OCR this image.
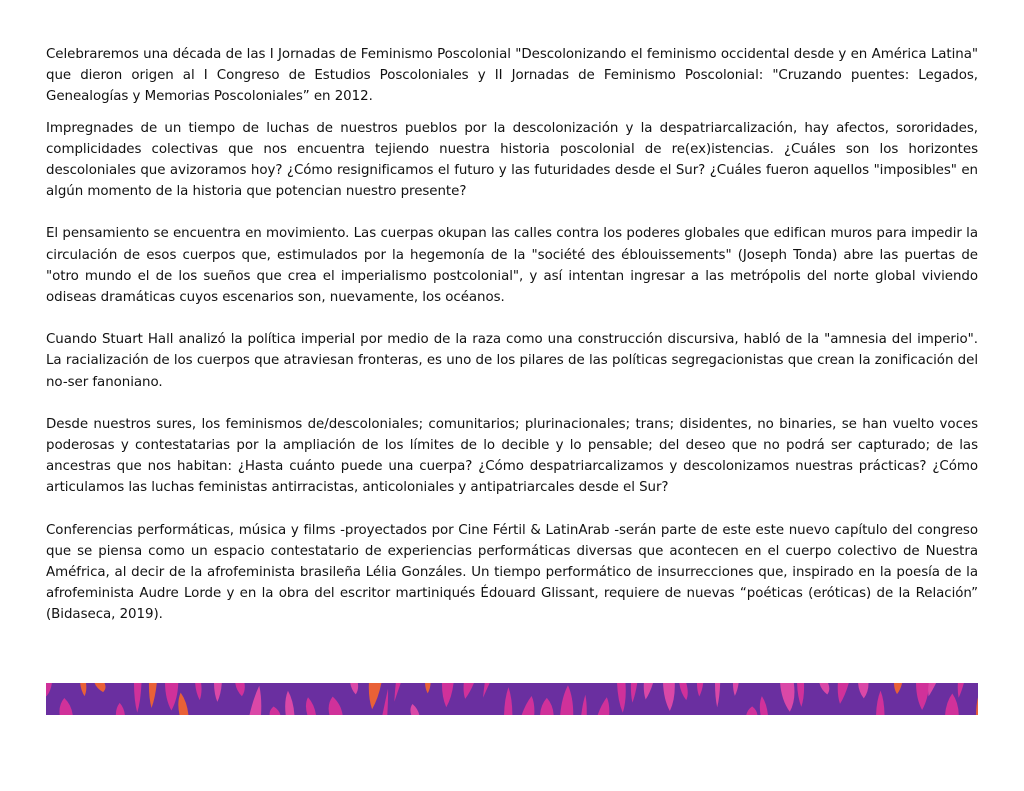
Celebraremos una década de las I Jornadas de Feminismo Poscolonial "Descolonizando el feminismo occidental desde y en América Latina" que dieron origen al I Congreso de Estudios Poscoloniales y II Jornadas de Feminismo Poscolonial: "Cruzando puentes: Legados, Genealogías y Memorias Poscoloniales” en 2012.

Impregnades de un tiempo de luchas de nuestros pueblos por la descolonización y la despatriarcalización, hay afectos, sororidades, complicidades colectivas que nos encuentra tejiendo nuestra historia poscolonial de re(ex)istencias. ¿Cuáles son los horizontes descoloniales que avizoramos hoy? ¿Cómo resignificamos el futuro y las futuridades desde el Sur? ¿Cuáles fueron aquellos "imposibles" en algún momento de la historia que potencian nuestro presente?

El pensamiento se encuentra en movimiento. Las cuerpas okupan las calles contra los poderes globales que edifican muros para impedir la circulación de esos cuerpos que, estimulados por la hegemonía de la "société des éblouissements" (Joseph Tonda) abre las puertas de "otro mundo el de los sueños que crea el imperialismo postcolonial", y así intentan ingresar a las metrópolis del norte global viviendo odiseas dramáticas cuyos escenarios son, nuevamente, los océanos.

Cuando Stuart Hall analizó la política imperial por medio de la raza como una construcción discursiva, habló de la "amnesia del imperio". La racialización de los cuerpos que atraviesan fronteras, es uno de los pilares de las políticas segregacionistas que crean la zonificación del no-ser fanoniano.

Desde nuestros sures, los feminismos de/descoloniales; comunitarios; plurinacionales; trans; disidentes, no binaries, se han vuelto voces poderosas y contestatarias por la ampliación de los límites de lo decible y lo pensable; del deseo que no podrá ser capturado; de las ancestras que nos habitan: ¿Hasta cuánto puede una cuerpa? ¿Cómo despatriarcalizamos y descolonizamos nuestras prácticas? ¿Cómo articulamos las luchas feministas antirracistas, anticoloniales y antipatriarcales desde el Sur?

Conferencias performáticas, música y films -proyectados por Cine Fértil & LatinArab -serán parte de este este nuevo capítulo del congreso que se piensa como un espacio contestatario de experiencias performáticas diversas que acontecen en el cuerpo colectivo de Nuestra Améfrica, al decir de la afrofeminista brasileña Lélia Gonzáles. Un tiempo performático de insurrecciones que, inspirado en la poesía de la afrofeminista Audre Lorde y en la obra del escritor martiniqués Édouard Glissant, requiere de nuevas “poéticas (eróticas) de la Relación” (Bidaseca, 2019).
